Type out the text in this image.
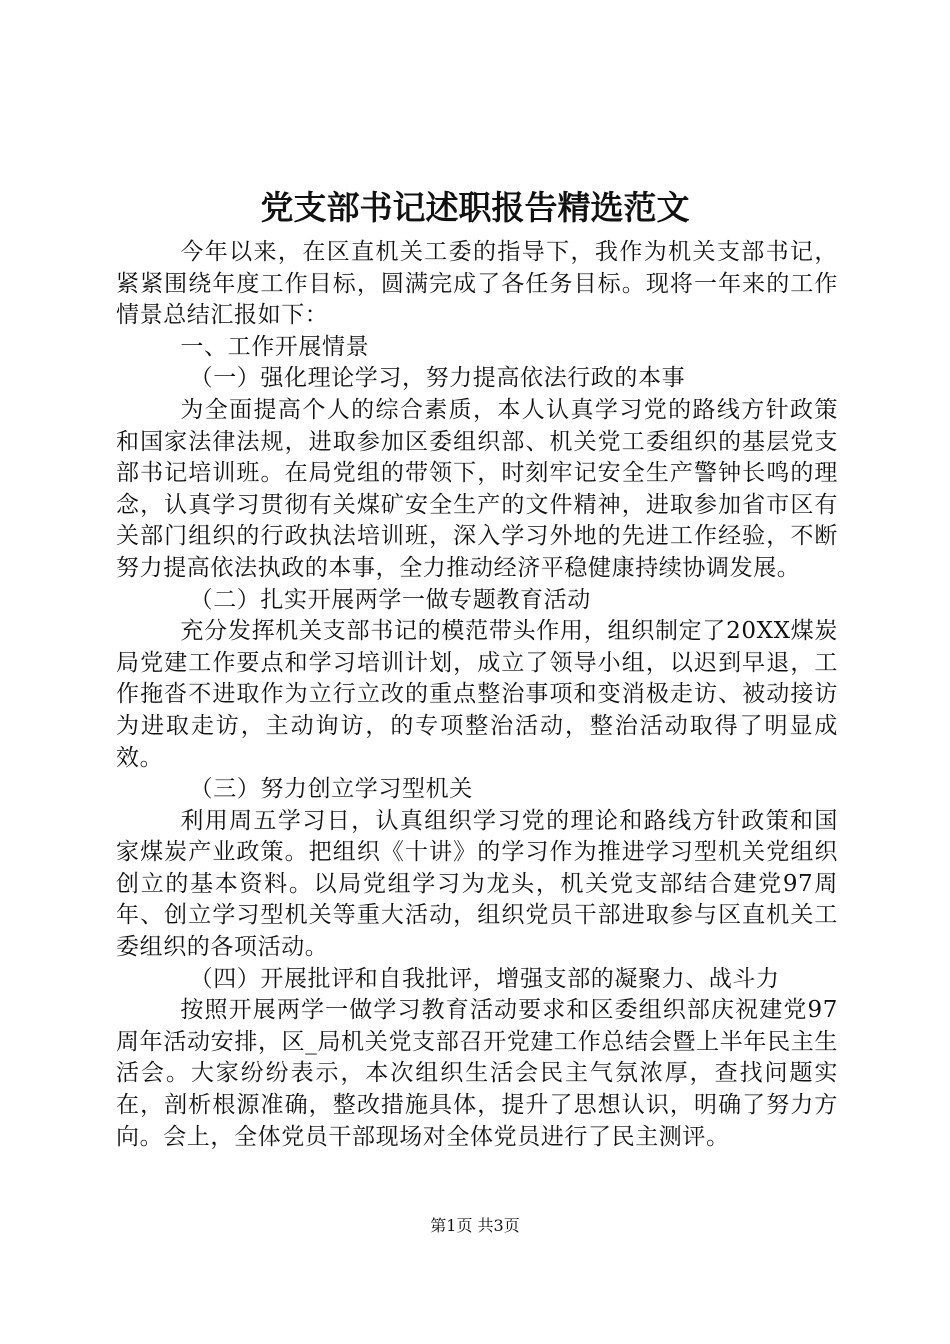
党支部书记述职报告精选范文

今年以来，在区直机关工委的指导下，我作为机关支部书记，紧紧围绕年度工作目标，圆满完成了各任务目标。现将一年来的工作情景总结汇报如下：

一、工作开展情景

（一）强化理论学习，努力提高依法行政的本事

为全面提高个人的综合素质，本人认真学习党的路线方针政策和国家法律法规，进取参加区委组织部、机关党工委组织的基层党支部书记培训班。在局党组的带领下，时刻牢记安全生产警钟长鸣的理念，认真学习贯彻有关煤矿安全生产的文件精神，进取参加省市区有关部门组织的行政执法培训班，深入学习外地的先进工作经验，不断努力提高依法执政的本事，全力推动经济平稳健康持续协调发展。

（二）扎实开展两学一做专题教育活动

充分发挥机关支部书记的模范带头作用，组织制定了20XX煤炭局党建工作要点和学习培训计划，成立了领导小组，以迟到早退，工作拖沓不进取作为立行立改的重点整治事项和变消极走访、被动接访为进取走访，主动询访，的专项整治活动，整治活动取得了明显成效。

（三）努力创立学习型机关

利用周五学习日，认真组织学习党的理论和路线方针政策和国家煤炭产业政策。把组织《十讲》的学习作为推进学习型机关党组织创立的基本资料。以局党组学习为龙头，机关党支部结合建党97周年、创立学习型机关等重大活动，组织党员干部进取参与区直机关工委组织的各项活动。

（四）开展批评和自我批评，增强支部的凝聚力、战斗力

按照开展两学一做学习教育活动要求和区委组织部庆祝建党97周年活动安排，区_局机关党支部召开党建工作总结会暨上半年民主生活会。大家纷纷表示，本次组织生活会民主气氛浓厚，查找问题实在，剖析根源准确，整改措施具体，提升了思想认识，明确了努力方向。会上，全体党员干部现场对全体党员进行了民主测评。

第1页 共3页
